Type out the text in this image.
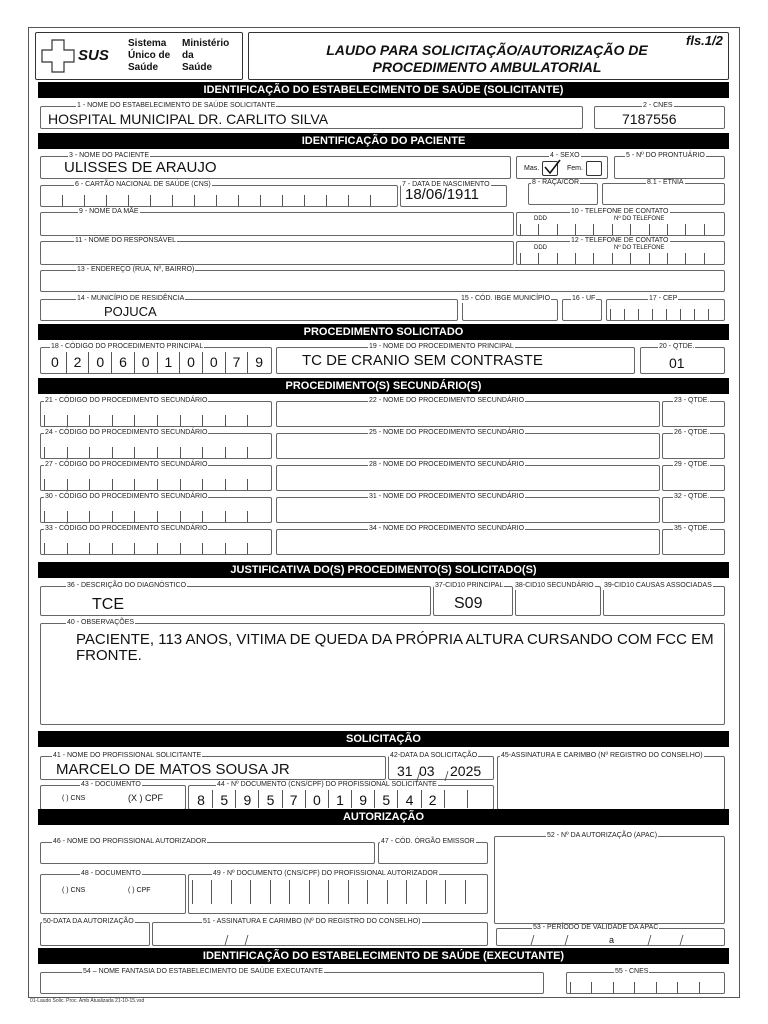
SUS
Sistema
Único de
Saúde
Ministério
da
Saúde
LAUDO PARA SOLICITAÇÃO/AUTORIZAÇÃO DE
PROCEDIMENTO AMBULATORIAL
fls.1/2
IDENTIFICAÇÃO DO ESTABELECIMENTO DE SAÚDE (SOLICITANTE)
1 - NOME DO ESTABELECIMENTO DE SAÚDE SOLICITANTE
HOSPITAL MUNICIPAL DR. CARLITO SILVA
2 - CNES
7187556
IDENTIFICAÇÃO DO PACIENTE
3 - NOME DO PACIENTE
ULISSES DE ARAUJO
4 - SEXO
Mas.	Fem.
5 - Nº DO PRONTUÁRIO
6 - CARTÃO NACIONAL DE SAÚDE (CNS)	7 - DATA DE NASCIMENTO
18/06/1911
8 - RAÇA/COR	8.1 - ETNIA
9 - NOME DA MÃE	10 - TELEFONE DE CONTATO
DDD	Nº DO TELEFONE
11 - NOME DO RESPONSÁVEL	12 - TELEFONE DE CONTATO
DDD	Nº DO TELEFONE
13 - ENDEREÇO (RUA, Nº, BAIRRO)
14 - MUNICÍPIO DE RESIDÊNCIA
POJUCA
15 - CÓD. IBGE MUNICÍPIO	16 - UF	17 - CEP
PROCEDIMENTO SOLICITADO
18 - CÓDIGO DO PROCEDIMENTO PRINCIPAL
0	2	0	6	0	1	0	0	7	9
19 - NOME DO PROCEDIMENTO PRINCIPAL
TC DE CRANIO SEM CONTRASTE
20 - QTDE.
01
PROCEDIMENTO(S) SECUNDÁRIO(S)
21 - CÓDIGO DO PROCEDIMENTO SECUNDÁRIO	22 - NOME DO PROCEDIMENTO SECUNDÁRIO	23 - QTDE.
24 - CÓDIGO DO PROCEDIMENTO SECUNDÁRIO	25 - NOME DO PROCEDIMENTO SECUNDÁRIO	26 - QTDE.
27 - CÓDIGO DO PROCEDIMENTO SECUNDÁRIO	28 - NOME DO PROCEDIMENTO SECUNDÁRIO	29 - QTDE.
30 - CÓDIGO DO PROCEDIMENTO SECUNDÁRIO	31 - NOME DO PROCEDIMENTO SECUNDÁRIO	32 - QTDE.
33 - CÓDIGO DO PROCEDIMENTO SECUNDÁRIO	34 - NOME DO PROCEDIMENTO SECUNDÁRIO	35 - QTDE.
JUSTIFICATIVA DO(S) PROCEDIMENTO(S) SOLICITADO(S)
36 - DESCRIÇÃO DO DIAGNÓSTICO
TCE
37-CID10 PRINCIPAL
S09
38-CID10 SECUNDÁRIO 39-CID10 CAUSAS ASSOCIADAS
40 - OBSERVAÇÕES
PACIENTE, 113 ANOS, VITIMA DE QUEDA DA PRÓPRIA ALTURA CURSANDO COM FCC EM FRONTE.
SOLICITAÇÃO
41 - NOME DO PROFISSIONAL SOLICITANTE
MARCELO DE MATOS SOUSA JR
42-DATA DA SOLICITAÇÃO
31 03 2025
45-ASSINATURA E CARIMBO (Nº REGISTRO DO CONSELHO)
43 - DOCUMENTO
( ) CNS	(X ) CPF
44 - Nº DOCUMENTO (CNS/CPF) DO PROFISSIONAL SOLICITANTE
8	5	9	5	7	0	1	9	5	4	2
AUTORIZAÇÃO
46 - NOME DO PROFISSIONAL AUTORIZADOR	47 - CÓD. ÓRGÃO EMISSOR
52 - Nº DA AUTORIZAÇÃO (APAC)
48 - DOCUMENTO
( ) CNS	( ) CPF
49 - Nº DOCUMENTO (CNS/CPF) DO PROFISSIONAL AUTORIZADOR
50-DATA DA AUTORIZAÇÃO	51 - ASSINATURA E CARIMBO (Nº DO REGISTRO DO CONSELHO)
53 - PERÍODO DE VALIDADE DA APAC
a
IDENTIFICAÇÃO DO ESTABELECIMENTO DE SAÚDE (EXECUTANTE)
54 – NOME FANTASIA DO ESTABELECIMENTO DE SAÚDE EXECUTANTE	55 - CNES
01-Laudo Solic. Proc. Amb Atualizada 21-10-15.vsd
